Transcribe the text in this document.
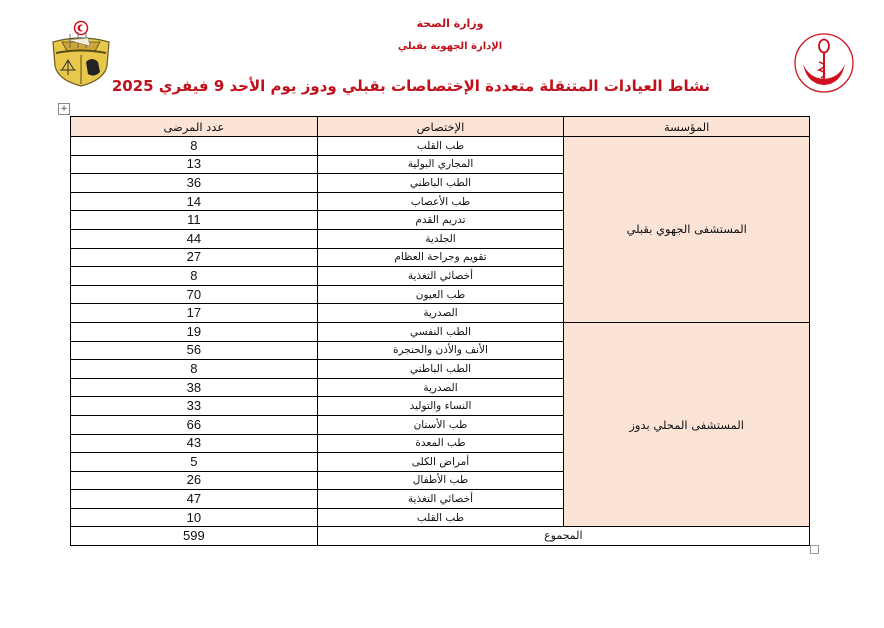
وزارة الصحة
الإدارة الجهوية بقبلي
نشاط العيادات المتنقلة متعددة الإختصاصات بقبلي ودوز يوم الأحد 9 فيفري 2025
+
المؤسسة	الإختصاص	عدد المرضى
المستشفى الجهوي بقبلي	طب القلب	8
	المجاري البولية	13
	الطب الباطني	36
	طب الأعصاب	14
	تدريم القدم	11
	الجلدية	44
	تقويم وجراحة العظام	27
	أخصائي التغذية	8
	طب العيون	70
	الصدرية	17
المستشفى المحلي بدوز	الطب النفسي	19
	الأنف والأذن والحنجرة	56
	الطب الباطني	8
	الصدرية	38
	النساء والتوليد	33
	طب الأسنان	66
	طب المعدة	43
	أمراض الكلى	5
	طب الأطفال	26
	أخصائي التغذية	47
	طب القلب	10
المجموع		599
